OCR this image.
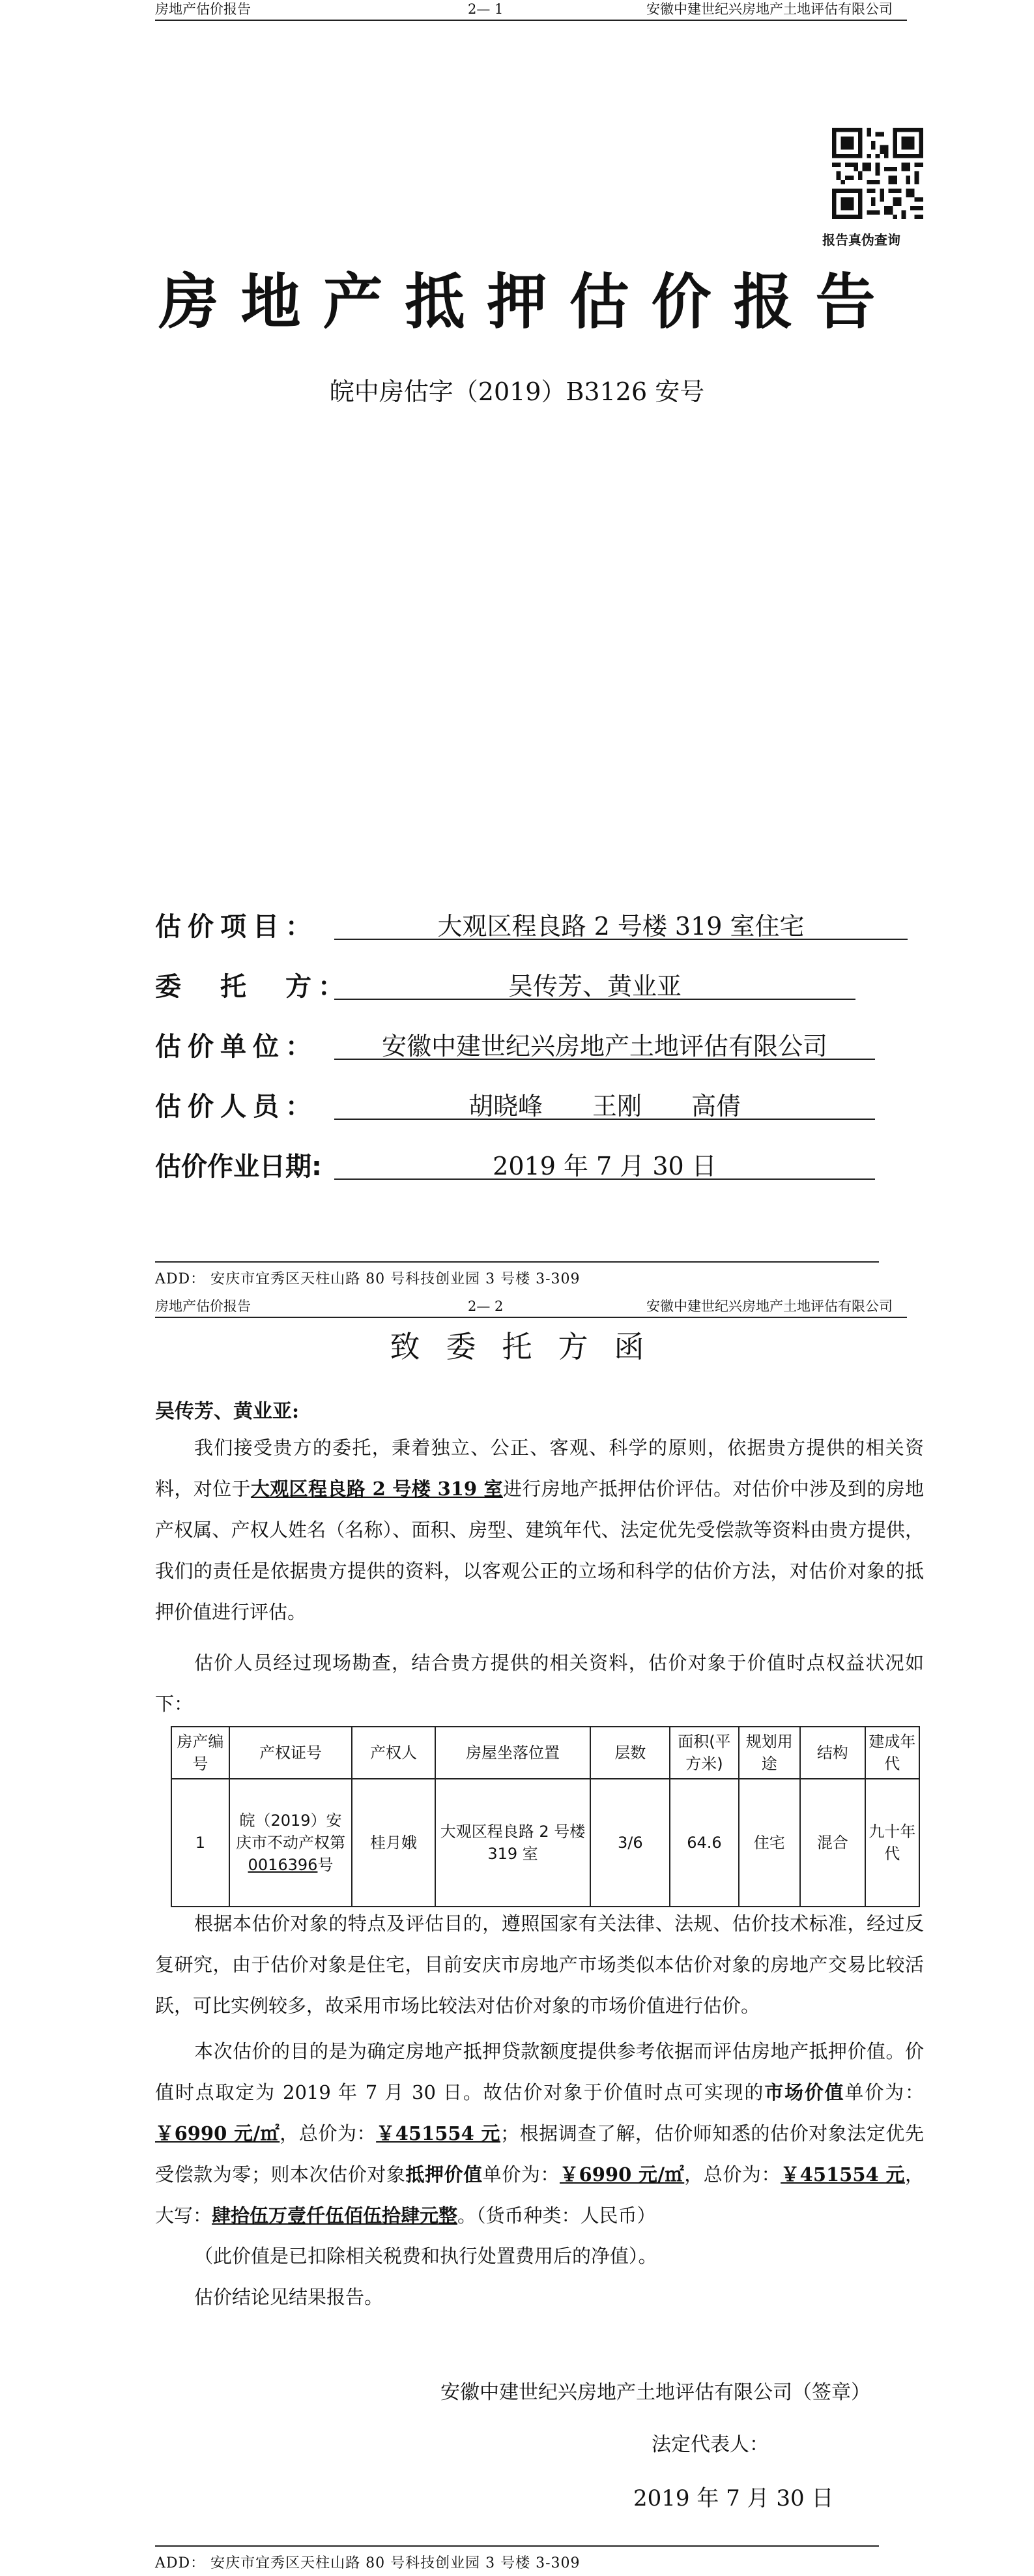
房地产估价报告	2— 1	安徽中建世纪兴房地产土地评估有限公司
报告真伪查询
房地产抵押估价报告
皖中房估字（2019）B3126 安号
估价项目：	大观区程良路 2 号楼 319 室住宅
委　托　方：	吴传芳、黄业亚
估价单位：	安徽中建世纪兴房地产土地评估有限公司
估价人员：	胡晓峰　　王刚　　高倩
估价作业日期:	2019 年 7 月 30 日
ADD： 安庆市宜秀区天柱山路 80 号科技创业园 3 号楼 3-309
房地产估价报告	2— 2	安徽中建世纪兴房地产土地评估有限公司
致委托方函
吴传芳、黄业亚:
我们接受贵方的委托，秉着独立、公正、客观、科学的原则，依据贵方提供的相关资料，对位于大观区程良路 2 号楼 319 室进行房地产抵押估价评估。对估价中涉及到的房地产权属、产权人姓名（名称）、面积、房型、建筑年代、法定优先受偿款等资料由贵方提供，我们的责任是依据贵方提供的资料，以客观公正的立场和科学的估价方法，对估价对象的抵押价值进行评估。
估价人员经过现场勘查，结合贵方提供的相关资料，估价对象于价值时点权益状况如下：
房产编号	产权证号	产权人	房屋坐落位置	层数	面积(平方米)	规划用途	结构	建成年代
1	皖（2019）安庆市不动产权第0016396号	桂月娥	大观区程良路 2 号楼 319 室	3/6	64.6	住宅	混合	九十年代
根据本估价对象的特点及评估目的，遵照国家有关法律、法规、估价技术标准，经过反复研究，由于估价对象是住宅，目前安庆市房地产市场类似本估价对象的房地产交易比较活跃，可比实例较多，故采用市场比较法对估价对象的市场价值进行估价。
本次估价的目的是为确定房地产抵押贷款额度提供参考依据而评估房地产抵押价值。价值时点取定为 2019 年 7 月 30 日。故估价对象于价值时点可实现的市场价值单价为：￥6990 元/㎡，总价为：￥451554 元；根据调查了解，估价师知悉的估价对象法定优先受偿款为零；则本次估价对象抵押价值单价为：￥6990 元/㎡，总价为：￥451554 元，大写：肆拾伍万壹仟伍佰伍拾肆元整。（货币种类：人民币）
（此价值是已扣除相关税费和执行处置费用后的净值）。
估价结论见结果报告。
安徽中建世纪兴房地产土地评估有限公司（签章）
法定代表人：
2019 年 7 月 30 日
ADD： 安庆市宜秀区天柱山路 80 号科技创业园 3 号楼 3-309
